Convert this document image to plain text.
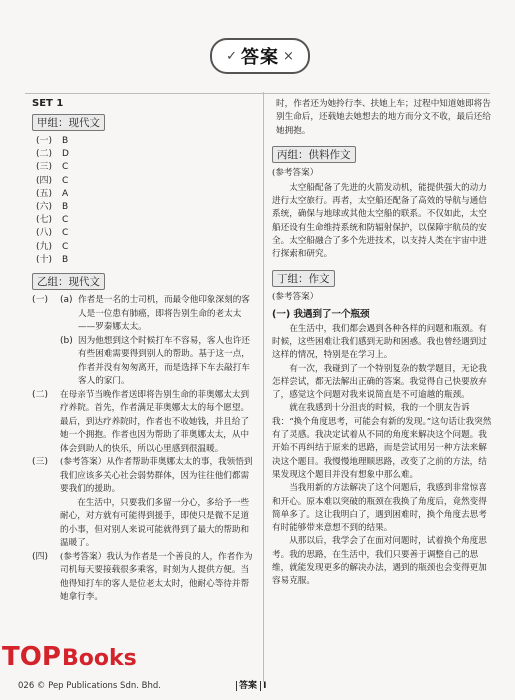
✓ 答案 ×
SET 1
甲组：现代文
(一) B
(二) D
(三) C
(四) C
(五) A
(六) B
(七) C
(八) C
(九) C
(十) B
乙组：现代文
(一)	(a) 作者是一名的士司机，而最令他印象深刻的客人是一位患有肺癌，即将告别生命的老太太——罗秦娜太太。
(b) 因为他想到这个时候打车不容易，客人也许还有些困难需要得到别人的帮助。基于这一点，作者并没有匆匆离开，而是选择下车去敲打车客人的家门。
(二)	在母亲节当晚作者送即将告别生命的菲奥娜太太到疗养院。首先，作者满足菲奥娜太太的每个愿望。最后，到达疗养院时，作者也不收她钱，并且给了她一个拥抱。作者也因为帮助了菲奥娜太太，从中体会到助人的快乐，所以心里感到很温暖。
(三)	(参考答案）从作者帮助菲奥娜太太的事，我领悟到我们应该多关心社会弱势群体，因为往往他们都需要我们的援助。
在生活中，只要我们多留一分心，多给予一些耐心，对方就有可能得到援手，即使只是微不足道的小事，但对别人来说可能就得到了最大的帮助和温暖了。
(四)	(参考答案）我认为作者是一个善良的人，作者作为司机每天要接载很多乘客，时刻为人提供方便。当他得知打车的客人是位老太太时，他耐心等待并帮她拿行李。

时，作者还为她拎行李、扶她上车；过程中知道她即将告别生命后，还载她去她想去的地方而分文不收，最后还给她拥抱。

丙组：供料作文

(参考答案）

太空船配备了先进的火箭发动机，能提供强大的动力进行太空旅行。再者，太空船还配备了高效的导航与通信系统，确保与地球或其他太空船的联系。不仅如此，太空船还设有生命维持系统和防辐射保护，以保障宇航员的安全。太空船融合了多个先进技术，以支持人类在宇宙中进行探索和研究。

丁组：作文

(参考答案）

(一) 我遇到了一个瓶颈

在生活中，我们都会遇到各种各样的问题和瓶颈。有时候，这些困难让我们感到无助和困惑。我也曾经遇到过这样的情况，特别是在学习上。

有一次，我碰到了一个特别复杂的数学题目，无论我怎样尝试，都无法解出正确的答案。我觉得自己快要放弃了，感觉这个问题对我来说简直是不可逾越的瓶颈。

就在我感到十分沮丧的时候，我的一个朋友告诉我：“换个角度思考，可能会有新的发现。”这句话让我突然有了灵感。我决定试着从不同的角度来解决这个问题。我开始不再纠结于原来的思路，而是尝试用另一种方法来解决这个题目。我慢慢地理顺思路，改变了之前的方法，结果发现这个题目并没有想象中那么难。

当我用新的方法解决了这个问题后，我感到非常惊喜和开心。原本难以突破的瓶颈在我换了角度后，竟然变得简单多了。这让我明白了，遇到困难时，换个角度去思考有时能够带来意想不到的结果。

从那以后，我学会了在面对问题时，试着换个角度思考。我的思路，在生活中，我们只要善于调整自己的思维，就能发现更多的解决办法，遇到的瓶颈也会变得更加容易克服。

TOP Books
026 © Pep Publications Sdn. Bhd.	答案 I
